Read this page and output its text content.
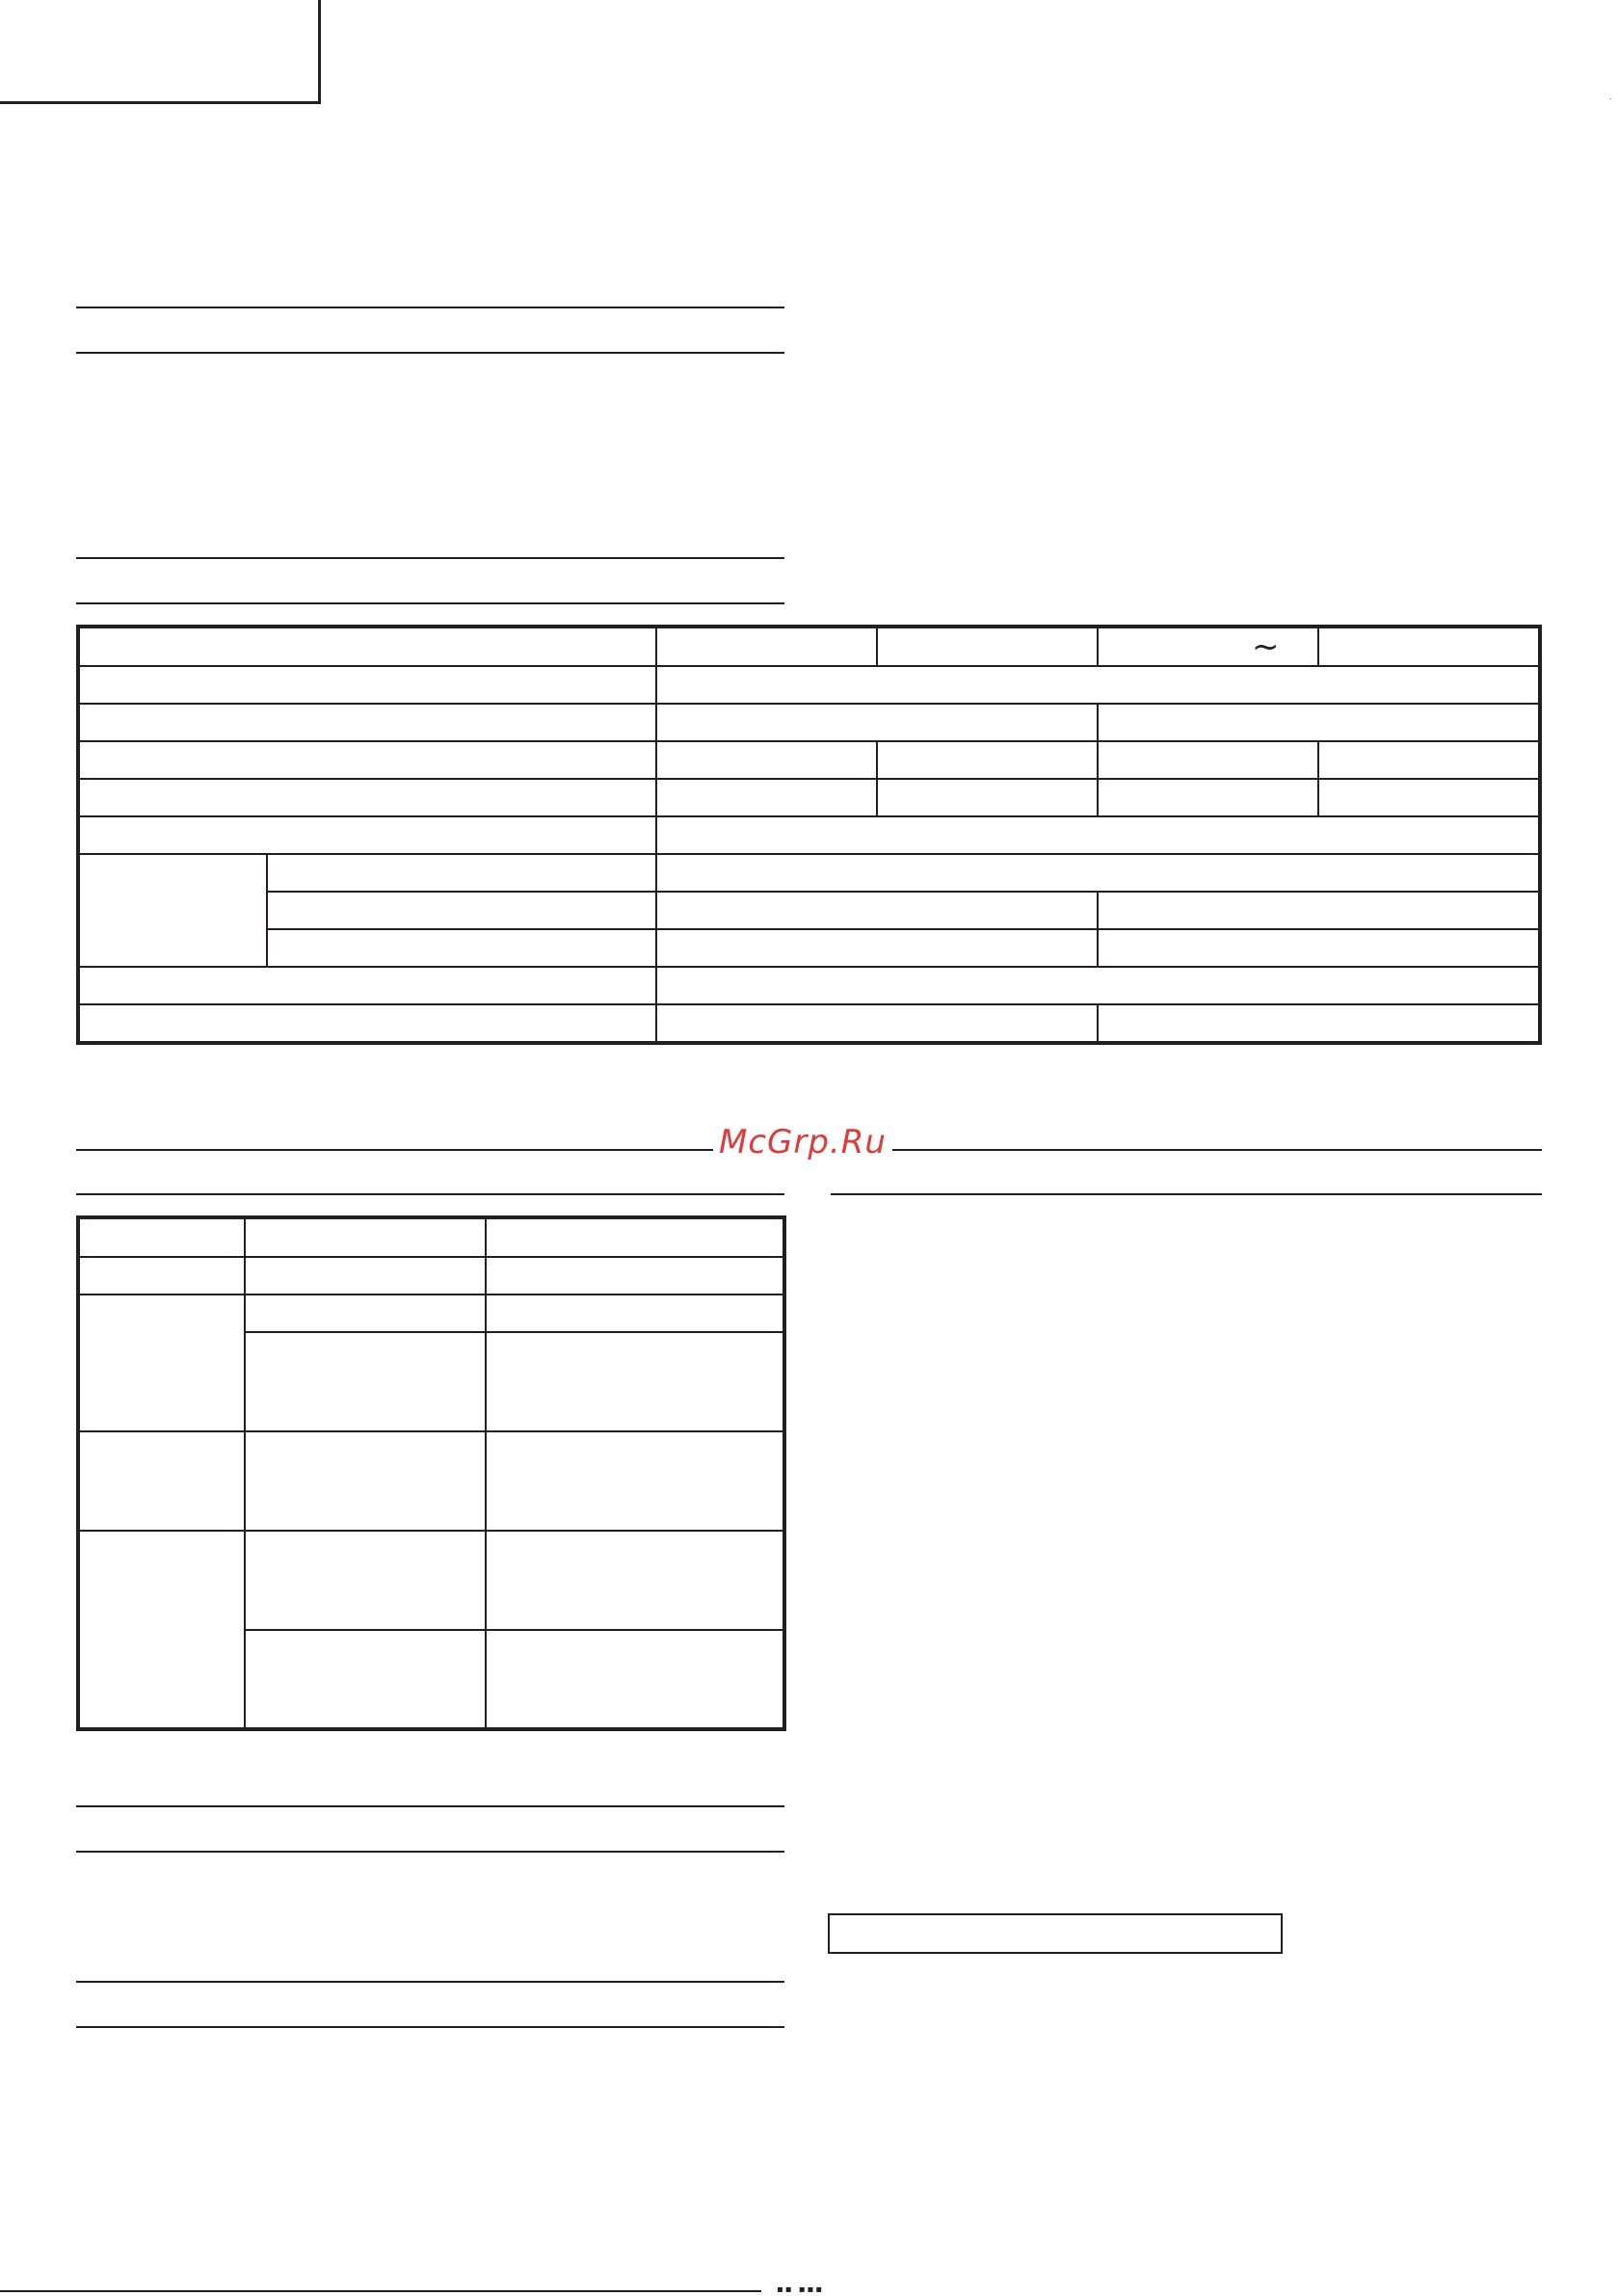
·
~
McGrp.Ru
▪▪ ▪▪▪
